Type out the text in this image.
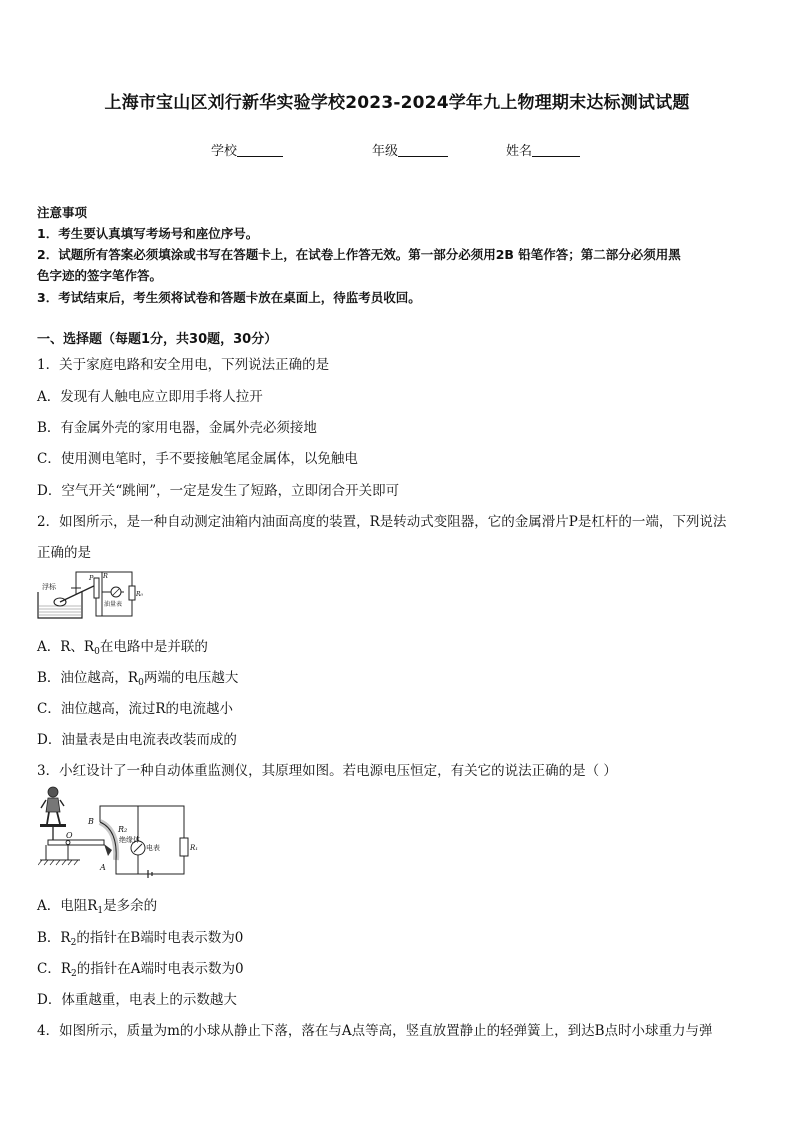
上海市宝山区刘行新华实验学校2023-2024学年九上物理期末达标测试试题
学校	年级	姓名
注意事项
1．考生要认真填写考场号和座位序号。
2．试题所有答案必须填涂或书写在答题卡上，在试卷上作答无效。第一部分必须用2B 铅笔作答；第二部分必须用黑
色字迹的签字笔作答。
3．考试结束后，考生须将试卷和答题卡放在桌面上，待监考员收回。
一、选择题（每题1分，共30题，30分）
1．关于家庭电路和安全用电，下列说法正确的是
A．发现有人触电应立即用手将人拉开
B．有金属外壳的家用电器，金属外壳必须接地
C．使用测电笔时，手不要接触笔尾金属体，以免触电
D．空气开关“跳闸”，一定是发生了短路，立即闭合开关即可
2．如图所示，是一种自动测定油箱内油面高度的装置，R是转动式变阻器，它的金属滑片P是杠杆的一端，下列说法
正确的是
浮标
P R
油量表
R₀
A．R、$R_0$在电路中是并联的
B．油位越高，$R_0$两端的电压越大
C．油位越高，流过R的电流越小
D．油量表是由电流表改装而成的
3．小红设计了一种自动体重监测仪，其原理如图。若电源电压恒定，有关它的说法正确的是（ ）
B
R₂
O
A
绝缘体
电表	R₁
A．电阻$R_1$是多余的
B．$R_2$的指针在B端时电表示数为0
C．$R_2$的指针在A端时电表示数为0
D．体重越重，电表上的示数越大
4．如图所示，质量为m的小球从静止下落，落在与A点等高，竖直放置静止的轻弹簧上，到达B点时小球重力与弹
